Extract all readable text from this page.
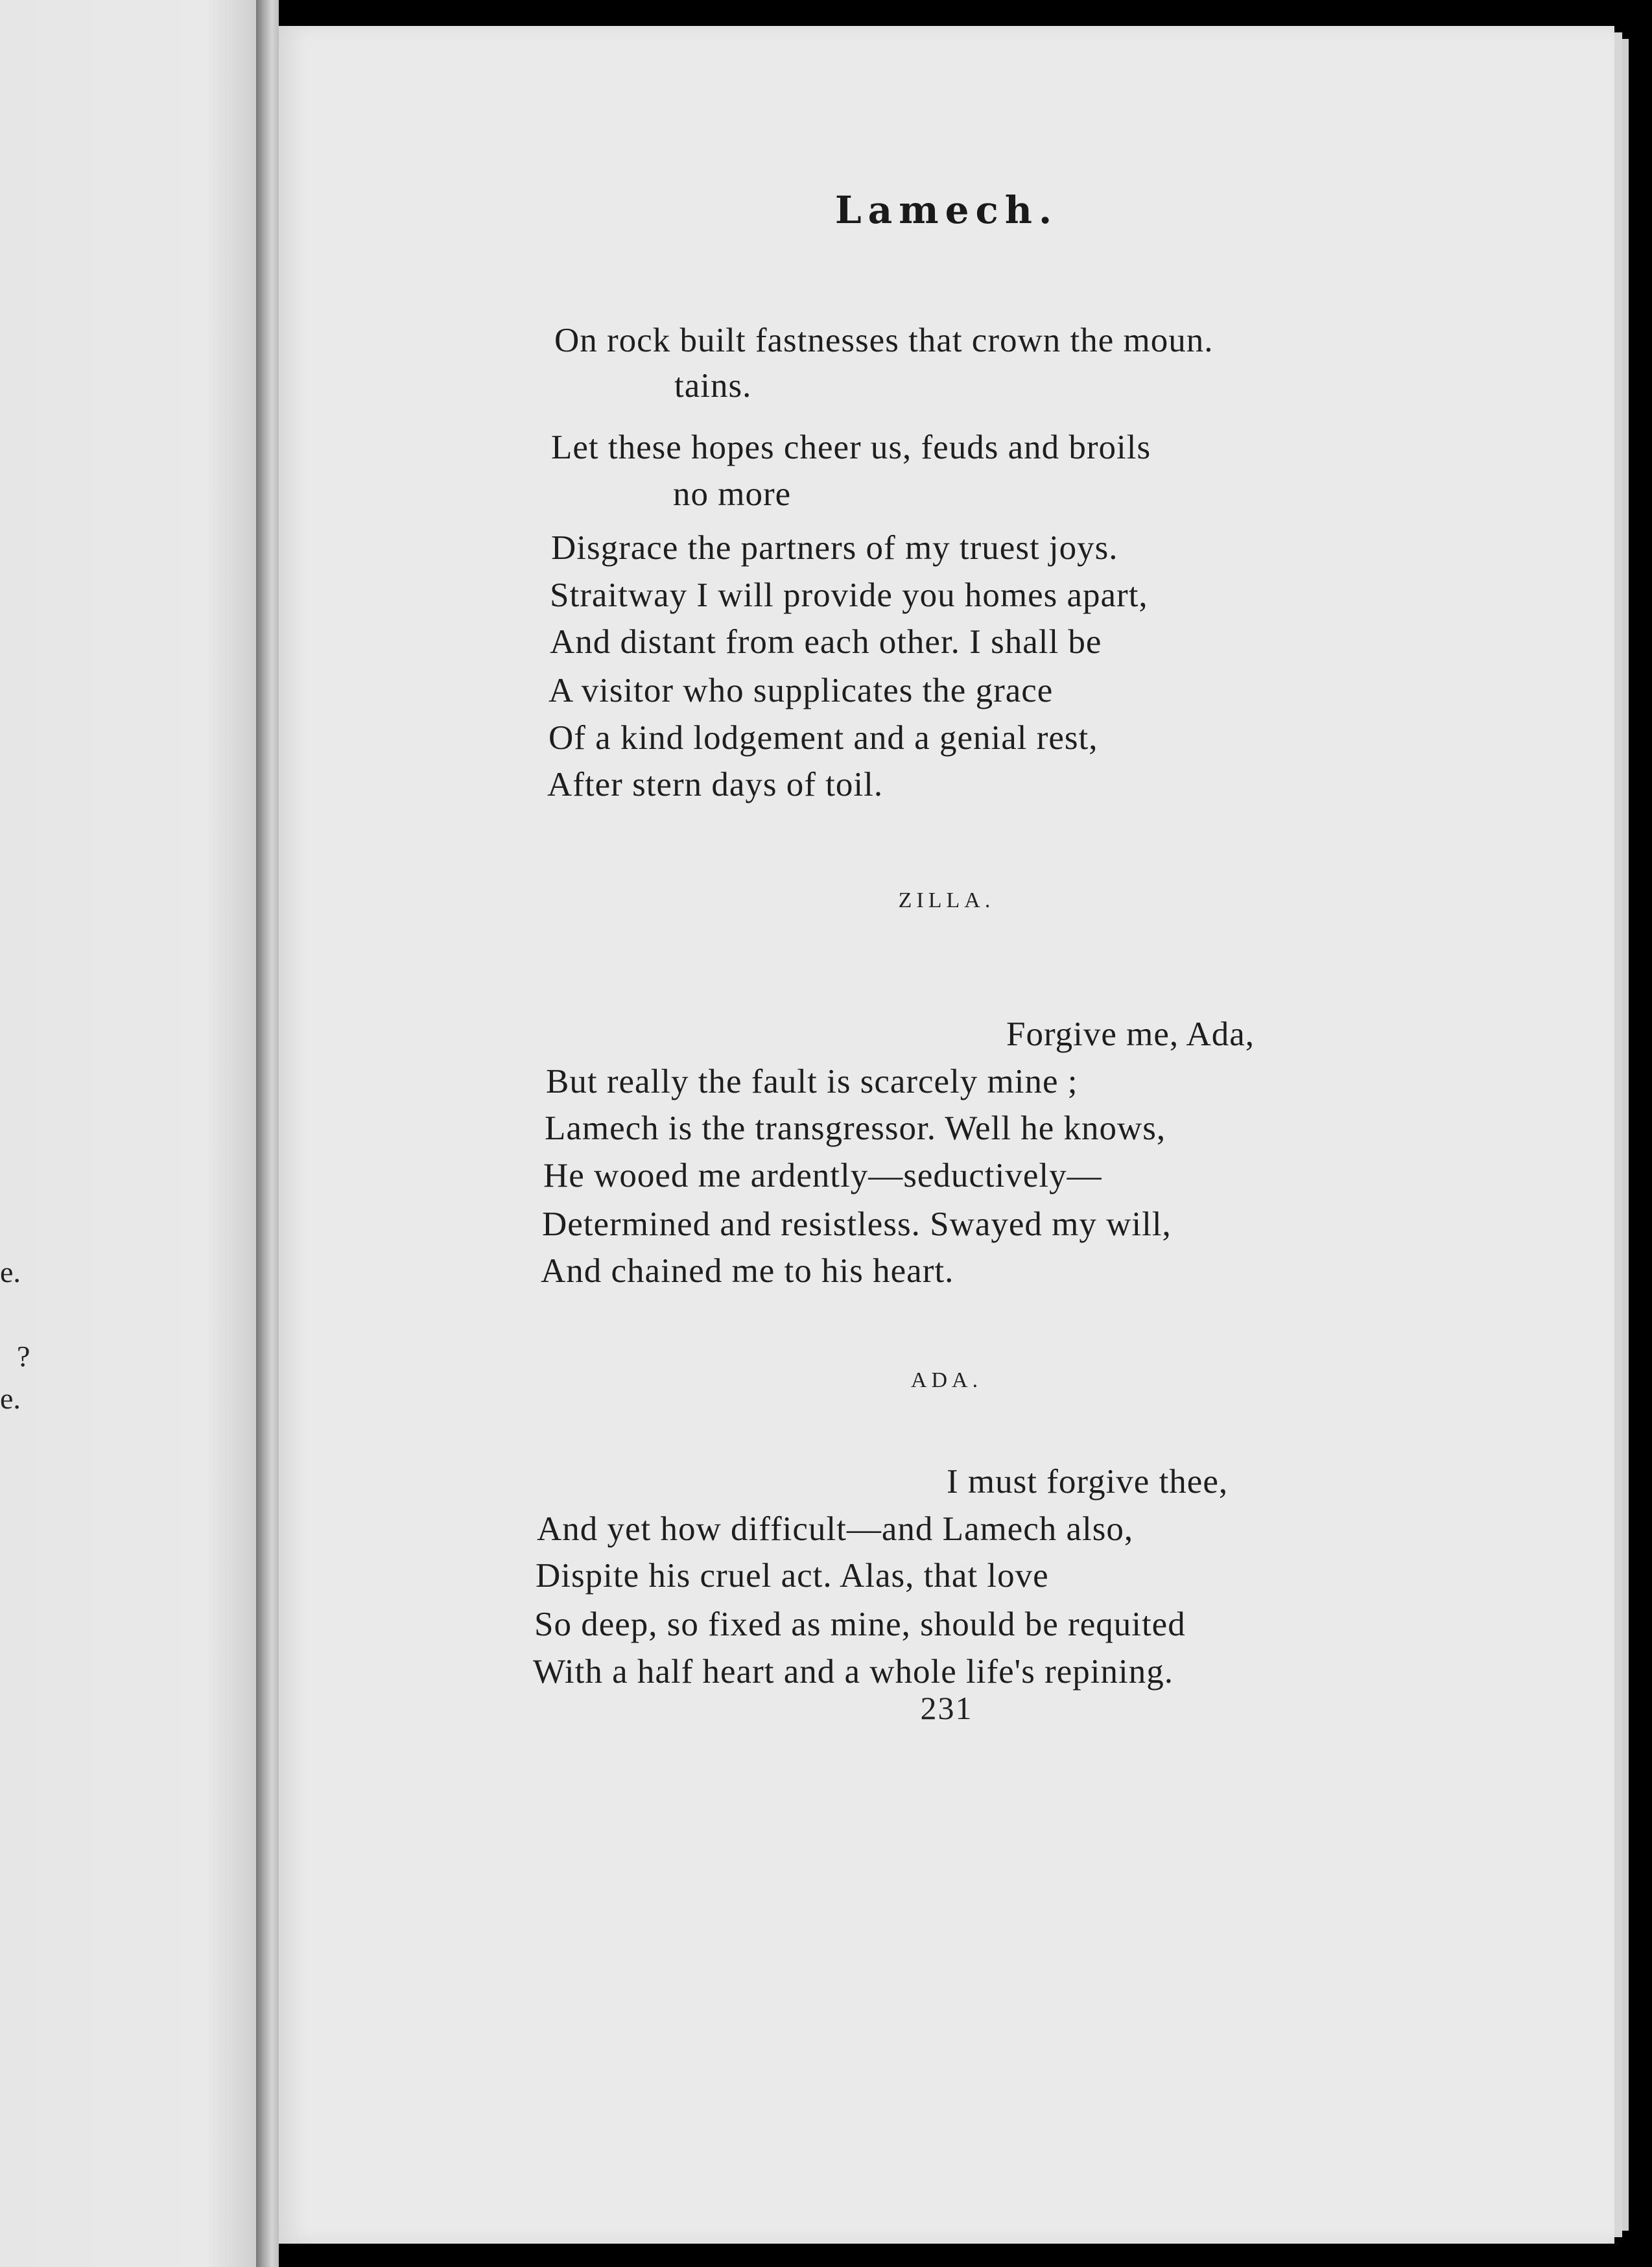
e.
?
e.
Lamech.
On rock built fastnesses that crown the moun.
tains.
Let these hopes cheer us, feuds and broils
no more
Disgrace the partners of my truest joys.
Straitway I will provide you homes apart,
And distant from each other. I shall be
A visitor who supplicates the grace
Of a kind lodgement and a genial rest,
After stern days of toil.
ZILLA.
Forgive me, Ada,
But really the fault is scarcely mine ;
Lamech is the transgressor. Well he knows,
He wooed me ardently—seductively—
Determined and resistless. Swayed my will,
And chained me to his heart.
ADA.
I must forgive thee,
And yet how difficult—and Lamech also,
Dispite his cruel act. Alas, that love
So deep, so fixed as mine, should be requited
With a half heart and a whole life's repining.
231
